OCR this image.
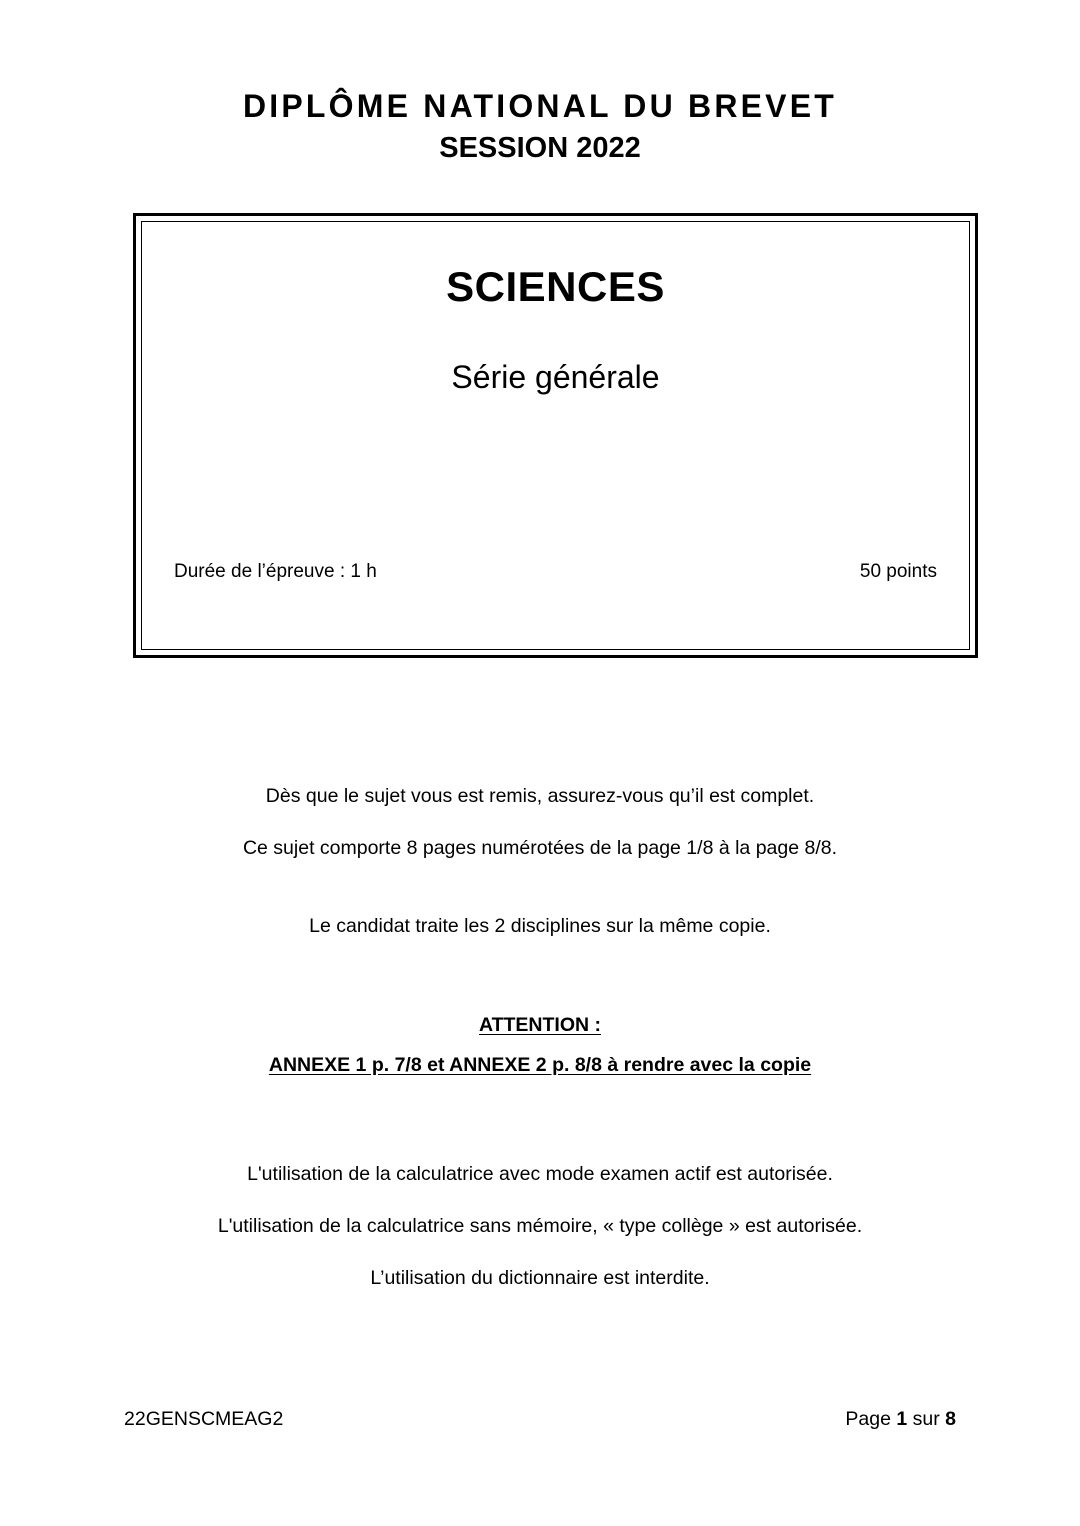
DIPLÔME NATIONAL DU BREVET
SESSION 2022
SCIENCES
Série générale
Durée de l’épreuve : 1 h	50 points
Dès que le sujet vous est remis, assurez-vous qu’il est complet.
Ce sujet comporte 8 pages numérotées de la page 1/8 à la page 8/8.
Le candidat traite les 2 disciplines sur la même copie.
ATTENTION :
ANNEXE 1 p. 7/8 et ANNEXE 2 p. 8/8 à rendre avec la copie
L'utilisation de la calculatrice avec mode examen actif est autorisée.
L'utilisation de la calculatrice sans mémoire, « type collège » est autorisée.
L’utilisation du dictionnaire est interdite.
22GENSCMEAG2	Page 1 sur 8
